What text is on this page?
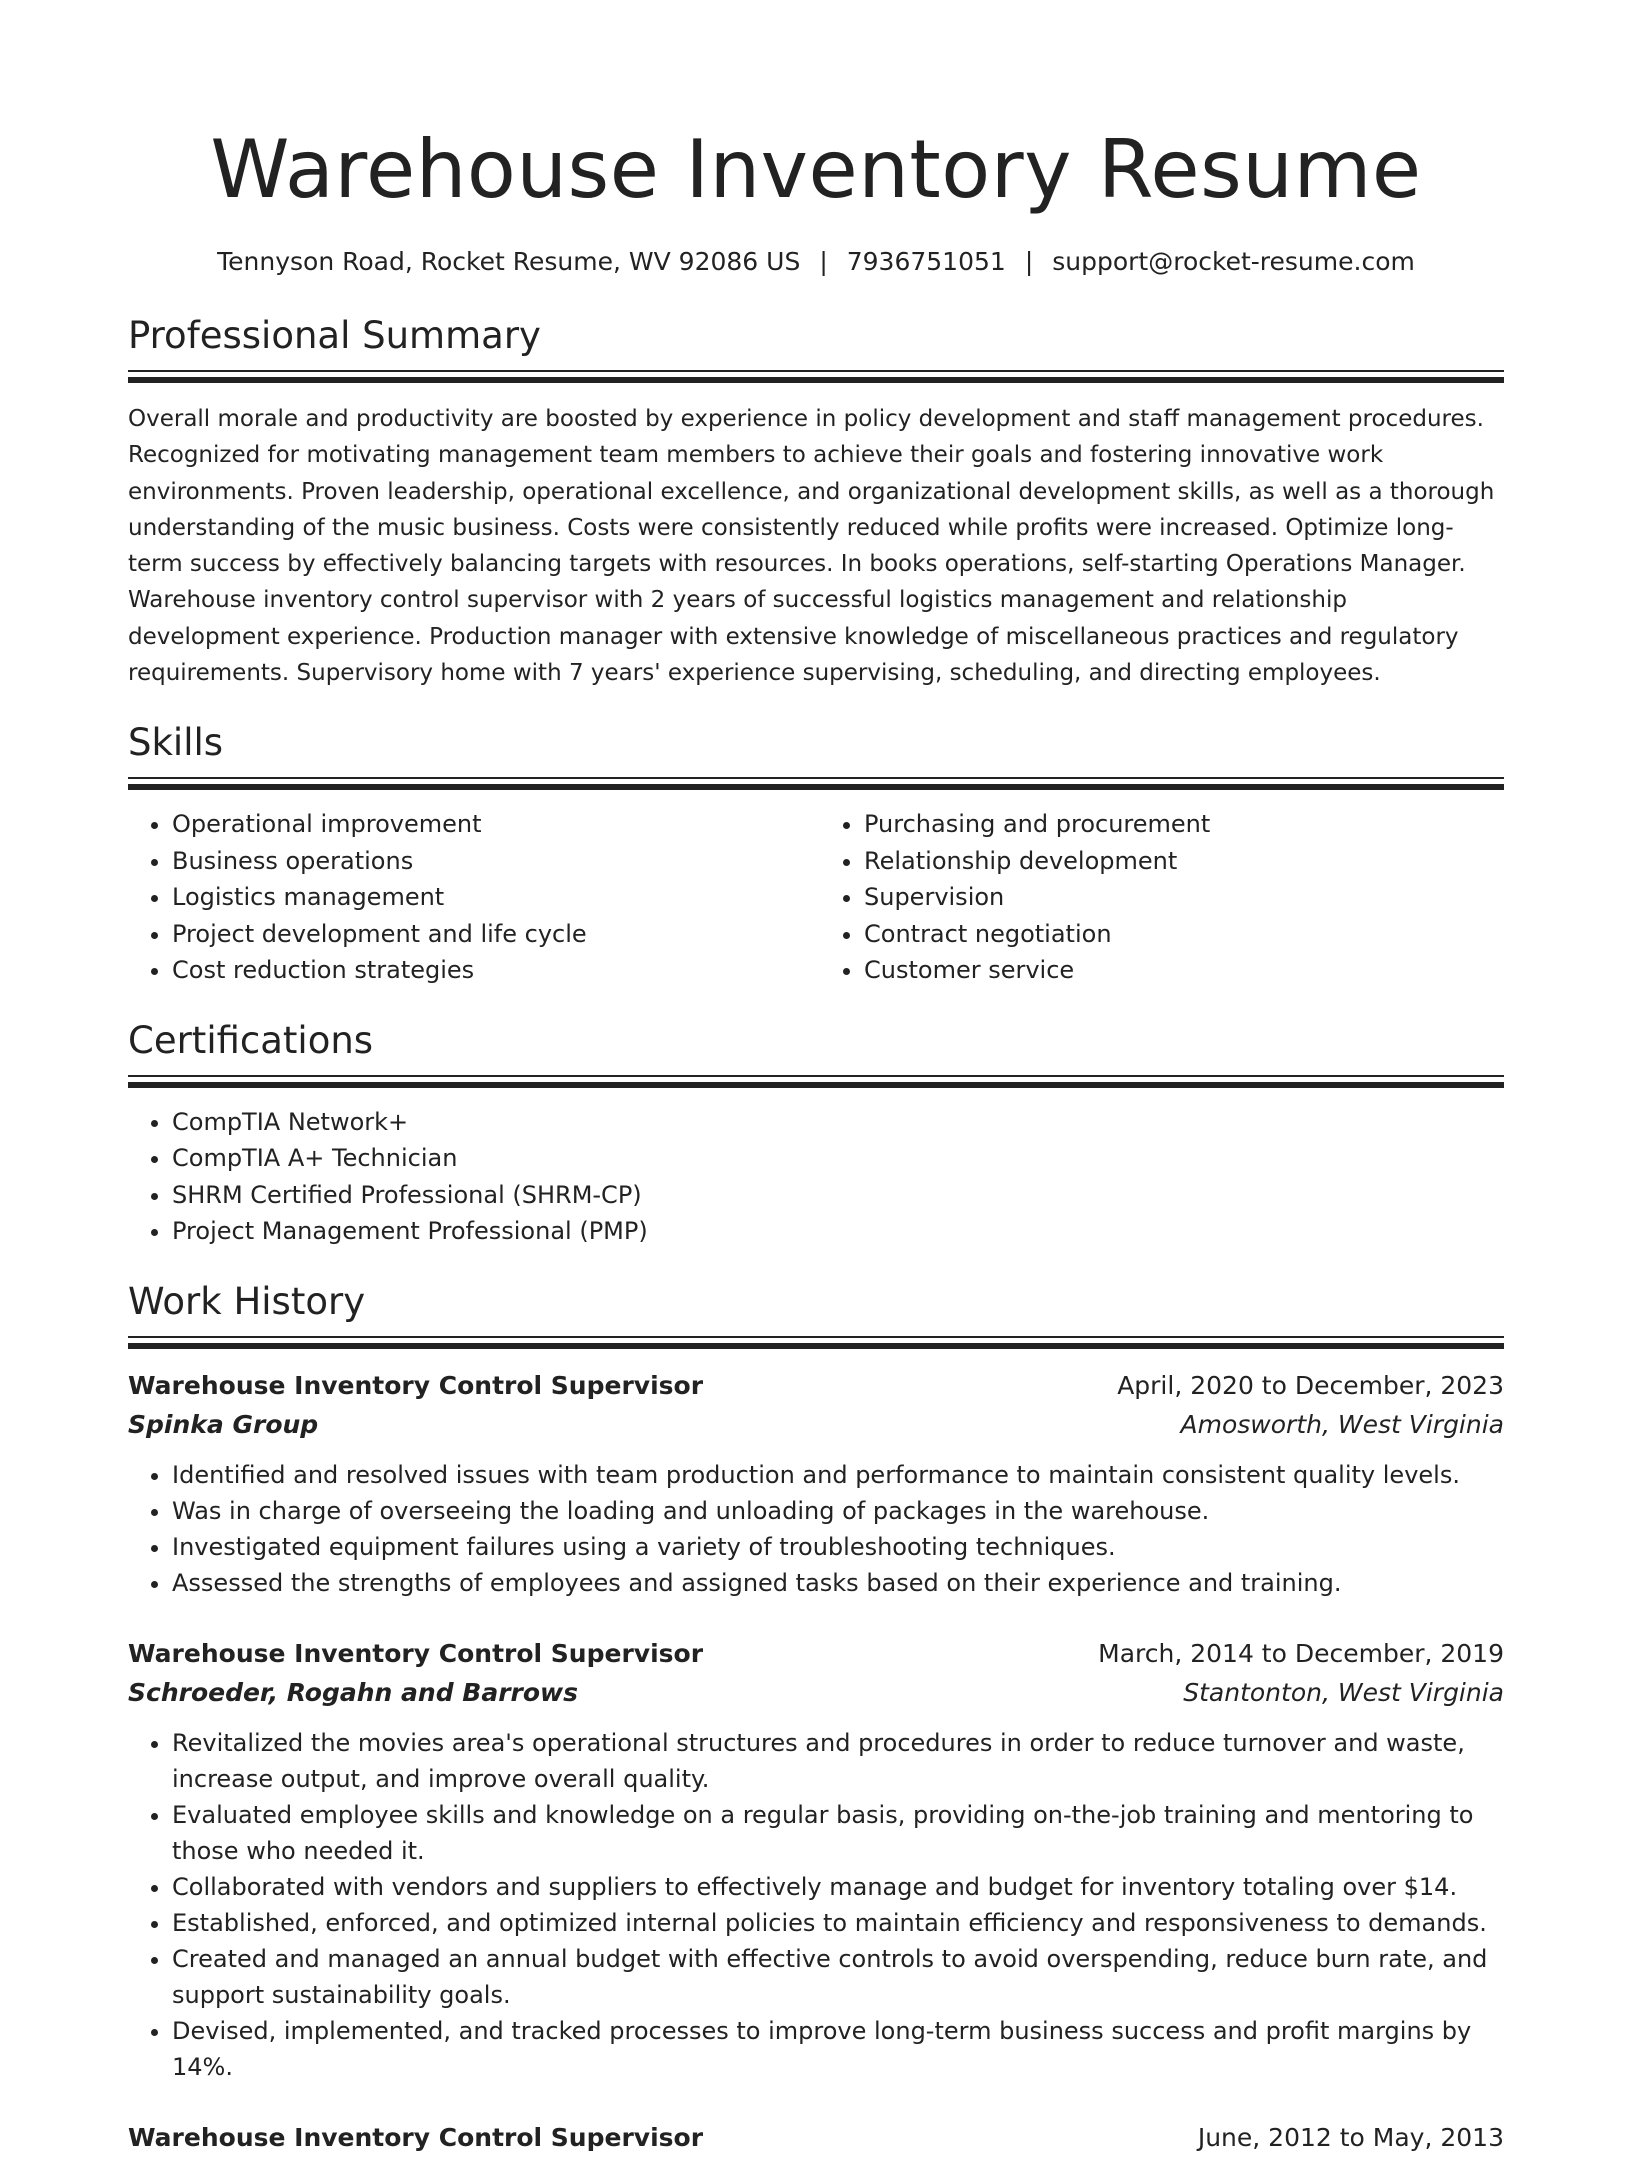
Warehouse Inventory Resume
Tennyson Road, Rocket Resume, WV 92086 US | 7936751051 | support@rocket-resume.com
Professional Summary

Overall morale and productivity are boosted by experience in policy development and staff management procedures. Recognized for motivating management team members to achieve their goals and fostering innovative work environments. Proven leadership, operational excellence, and organizational development skills, as well as a thorough understanding of the music business. Costs were consistently reduced while profits were increased. Optimize long-term success by effectively balancing targets with resources. In books operations, self-starting Operations Manager. Warehouse inventory control supervisor with 2 years of successful logistics management and relationship development experience. Production manager with extensive knowledge of miscellaneous practices and regulatory requirements. Supervisory home with 7 years' experience supervising, scheduling, and directing employees.

Skills
• Operational improvement
• Business operations
• Logistics management
• Project development and life cycle
• Cost reduction strategies
• Purchasing and procurement
• Relationship development
• Supervision
• Contract negotiation
• Customer service
Certifications
• CompTIA Network+
• CompTIA A+ Technician
• SHRM Certified Professional (SHRM-CP)
• Project Management Professional (PMP)
Work History
Warehouse Inventory Control Supervisor	April, 2020 to December, 2023
Spinka Group	Amosworth, West Virginia
• Identified and resolved issues with team production and performance to maintain consistent quality levels.
• Was in charge of overseeing the loading and unloading of packages in the warehouse.
• Investigated equipment failures using a variety of troubleshooting techniques.
• Assessed the strengths of employees and assigned tasks based on their experience and training.
Warehouse Inventory Control Supervisor	March, 2014 to December, 2019
Schroeder, Rogahn and Barrows	Stantonton, West Virginia
• Revitalized the movies area's operational structures and procedures in order to reduce turnover and waste, increase output, and improve overall quality.
• Evaluated employee skills and knowledge on a regular basis, providing on-the-job training and mentoring to those who needed it.
• Collaborated with vendors and suppliers to effectively manage and budget for inventory totaling over $14.
• Established, enforced, and optimized internal policies to maintain efficiency and responsiveness to demands.
• Created and managed an annual budget with effective controls to avoid overspending, reduce burn rate, and support sustainability goals.
• Devised, implemented, and tracked processes to improve long-term business success and profit margins by 14%.
Warehouse Inventory Control Supervisor	June, 2012 to May, 2013
